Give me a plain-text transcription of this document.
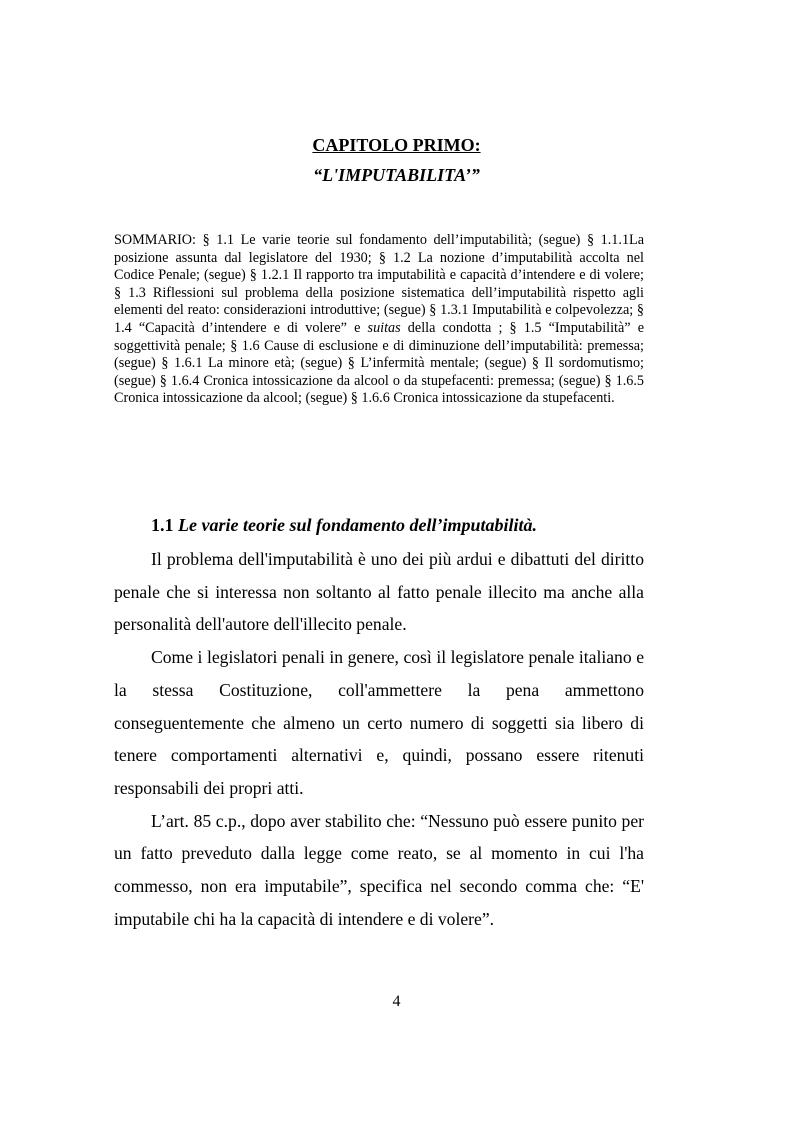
CAPITOLO PRIMO:
“L'IMPUTABILITA’”

SOMMARIO: § 1.1 Le varie teorie sul fondamento dell’imputabilità; (segue) § 1.1.1La posizione assunta dal legislatore del 1930; § 1.2 La nozione d’imputabilità accolta nel Codice Penale; (segue) § 1.2.1 Il rapporto tra imputabilità e capacità d’intendere e di volere; § 1.3 Riflessioni sul problema della posizione sistematica dell’imputabilità rispetto agli elementi del reato: considerazioni introduttive; (segue) § 1.3.1 Imputabilità e colpevolezza; § 1.4 “Capacità d’intendere e di volere” e suitas della condotta ; § 1.5 “Imputabilità” e soggettività penale; § 1.6 Cause di esclusione e di diminuzione dell’imputabilità: premessa; (segue) § 1.6.1 La minore età; (segue) § L’infermità mentale; (segue) § Il sordomutismo; (segue) § 1.6.4 Cronica intossicazione da alcool o da stupefacenti: premessa; (segue) § 1.6.5 Cronica intossicazione da alcool; (segue) § 1.6.6 Cronica intossicazione da stupefacenti.

1.1 Le varie teorie sul fondamento dell’imputabilità.

Il problema dell'imputabilità è uno dei più ardui e dibattuti del diritto penale che si interessa non soltanto al fatto penale illecito ma anche alla personalità dell'autore dell'illecito penale.

Come i legislatori penali in genere, così il legislatore penale italiano e la stessa Costituzione, coll'ammettere la pena ammettono conseguentemente che almeno un certo numero di soggetti sia libero di tenere comportamenti alternativi e, quindi, possano essere ritenuti responsabili dei propri atti.

L’art. 85 c.p., dopo aver stabilito che: “Nessuno può essere punito per un fatto preveduto dalla legge come reato, se al momento in cui l'ha commesso, non era imputabile”, specifica nel secondo comma che: “E' imputabile chi ha la capacità di intendere e di volere”.

4
